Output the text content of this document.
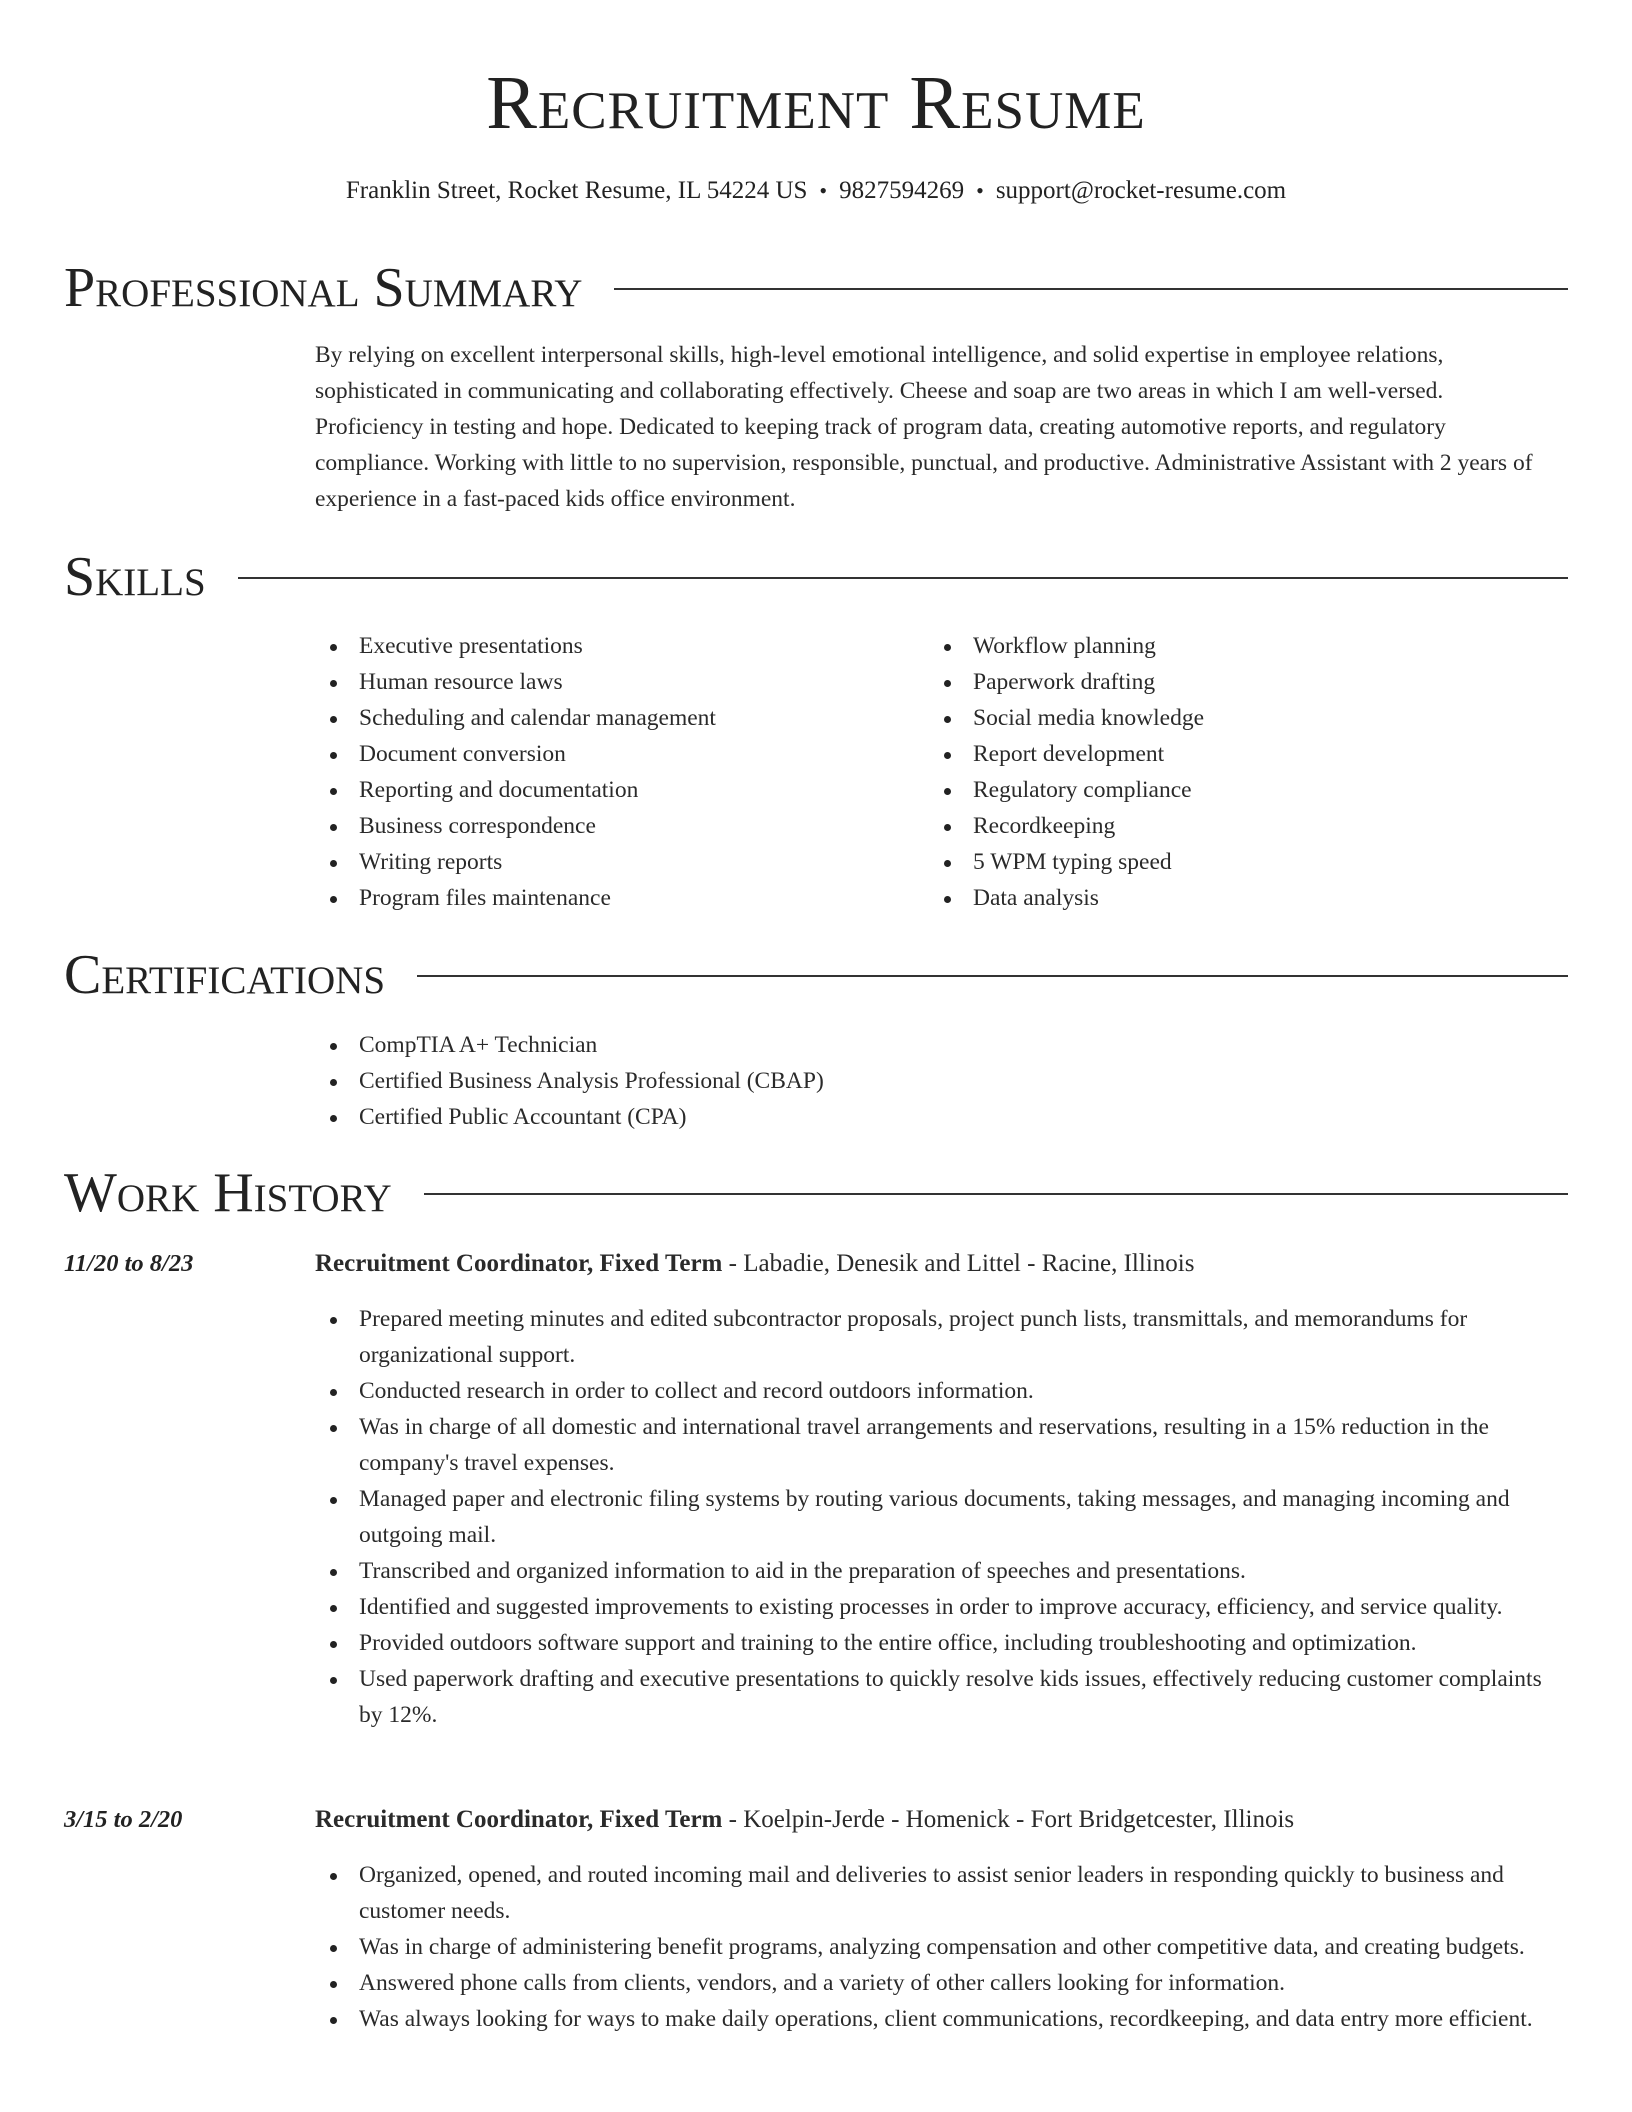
Recruitment Resume
Franklin Street, Rocket Resume, IL 54224 US • 9827594269 • support@rocket-resume.com
Professional Summary
By relying on excellent interpersonal skills, high-level emotional intelligence, and solid expertise in employee relations, sophisticated in communicating and collaborating effectively. Cheese and soap are two areas in which I am well-versed. Proficiency in testing and hope. Dedicated to keeping track of program data, creating automotive reports, and regulatory compliance. Working with little to no supervision, responsible, punctual, and productive. Administrative Assistant with 2 years of experience in a fast-paced kids office environment.
Skills
Executive presentations
Human resource laws
Scheduling and calendar management
Document conversion
Reporting and documentation
Business correspondence
Writing reports
Program files maintenance
Workflow planning
Paperwork drafting
Social media knowledge
Report development
Regulatory compliance
Recordkeeping
5 WPM typing speed
Data analysis
Certifications
CompTIA A+ Technician
Certified Business Analysis Professional (CBAP)
Certified Public Accountant (CPA)
Work History
11/20 to 8/23	Recruitment Coordinator, Fixed Term - Labadie, Denesik and Littel - Racine, Illinois
Prepared meeting minutes and edited subcontractor proposals, project punch lists, transmittals, and memorandums for organizational support.
Conducted research in order to collect and record outdoors information.
Was in charge of all domestic and international travel arrangements and reservations, resulting in a 15% reduction in the company's travel expenses.
Managed paper and electronic filing systems by routing various documents, taking messages, and managing incoming and outgoing mail.
Transcribed and organized information to aid in the preparation of speeches and presentations.
Identified and suggested improvements to existing processes in order to improve accuracy, efficiency, and service quality.
Provided outdoors software support and training to the entire office, including troubleshooting and optimization.
Used paperwork drafting and executive presentations to quickly resolve kids issues, effectively reducing customer complaints by 12%.
3/15 to 2/20	Recruitment Coordinator, Fixed Term - Koelpin-Jerde - Homenick - Fort Bridgetcester, Illinois
Organized, opened, and routed incoming mail and deliveries to assist senior leaders in responding quickly to business and customer needs.
Was in charge of administering benefit programs, analyzing compensation and other competitive data, and creating budgets.
Answered phone calls from clients, vendors, and a variety of other callers looking for information.
Was always looking for ways to make daily operations, client communications, recordkeeping, and data entry more efficient.
